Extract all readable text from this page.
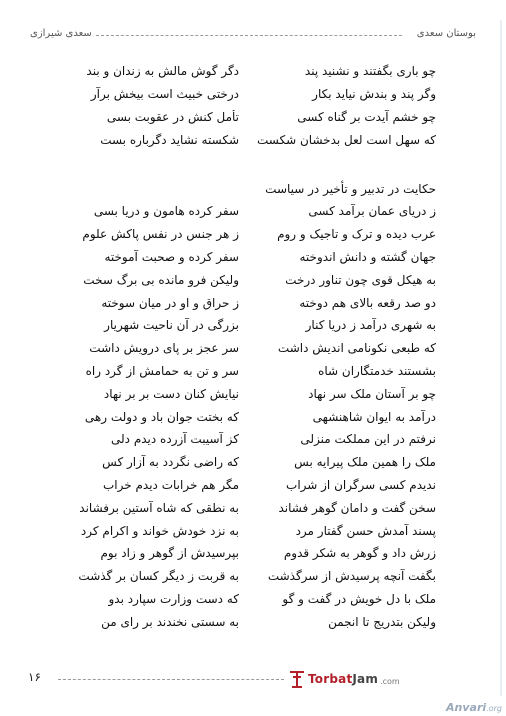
بوستان سعدی
سعدی شیرازی
چو باری بگفتند و نشنید پند
دگر گوش مالش به زندان و بند
وگر پند و بندش نیاید بکار
درختی خبیث است بیخش برآر
چو خشم آیدت بر گناه کسی
تأمل کنش در عقوبت بسی
که سهل است لعل بدخشان شکست
شکسته نشاید دگرباره بست
حکایت در تدبیر و تأخیر در سیاست
ز دریای عمان برآمد کسی
سفر کرده هامون و دریا بسی
عرب دیده و ترک و تاجیک و روم
ز هر جنس در نفس پاکش علوم
جهان گشته و دانش اندوخته
سفر کرده و صحبت آموخته
به هیکل قوی چون تناور درخت
ولیکن فرو مانده بی برگ سخت
دو صد رقعه بالای هم دوخته
ز حراق و او در میان سوخته
به شهری درآمد ز دریا کنار
بزرگی در آن ناحیت شهریار
که طبعی نکونامی اندیش داشت
سر عجز بر پای درویش داشت
بشستند خدمتگاران شاه
سر و تن به حمامش از گرد راه
چو بر آستان ملک سر نهاد
نیایش کنان دست بر بر نهاد
درآمد به ایوان شاهنشهی
که بختت جوان باد و دولت رهی
نرفتم در این مملکت منزلی
کز آسیبت آزرده دیدم دلی
ملک را همین ملک پیرایه بس
که راضی نگردد به آزار کس
ندیدم کسی سرگران از شراب
مگر هم خرابات دیدم خراب
سخن گفت و دامان گوهر فشاند
به نطقی که شاه آستین برفشاند
پسند آمدش حسن گفتار مرد
به نزد خودش خواند و اکرام کرد
زرش داد و گوهر به شکر قدوم
بپرسیدش از گوهر و زاد بوم
بگفت آنچه پرسیدش از سرگذشت
به قربت ز دیگر کسان بر گذشت
ملک با دل خویش در گفت و گو
که دست وزارت سپارد بدو
ولیکن بتدریج تا انجمن
به سستی نخندند بر رای من
۱۶	TorbatJam .com
Anvari.org
